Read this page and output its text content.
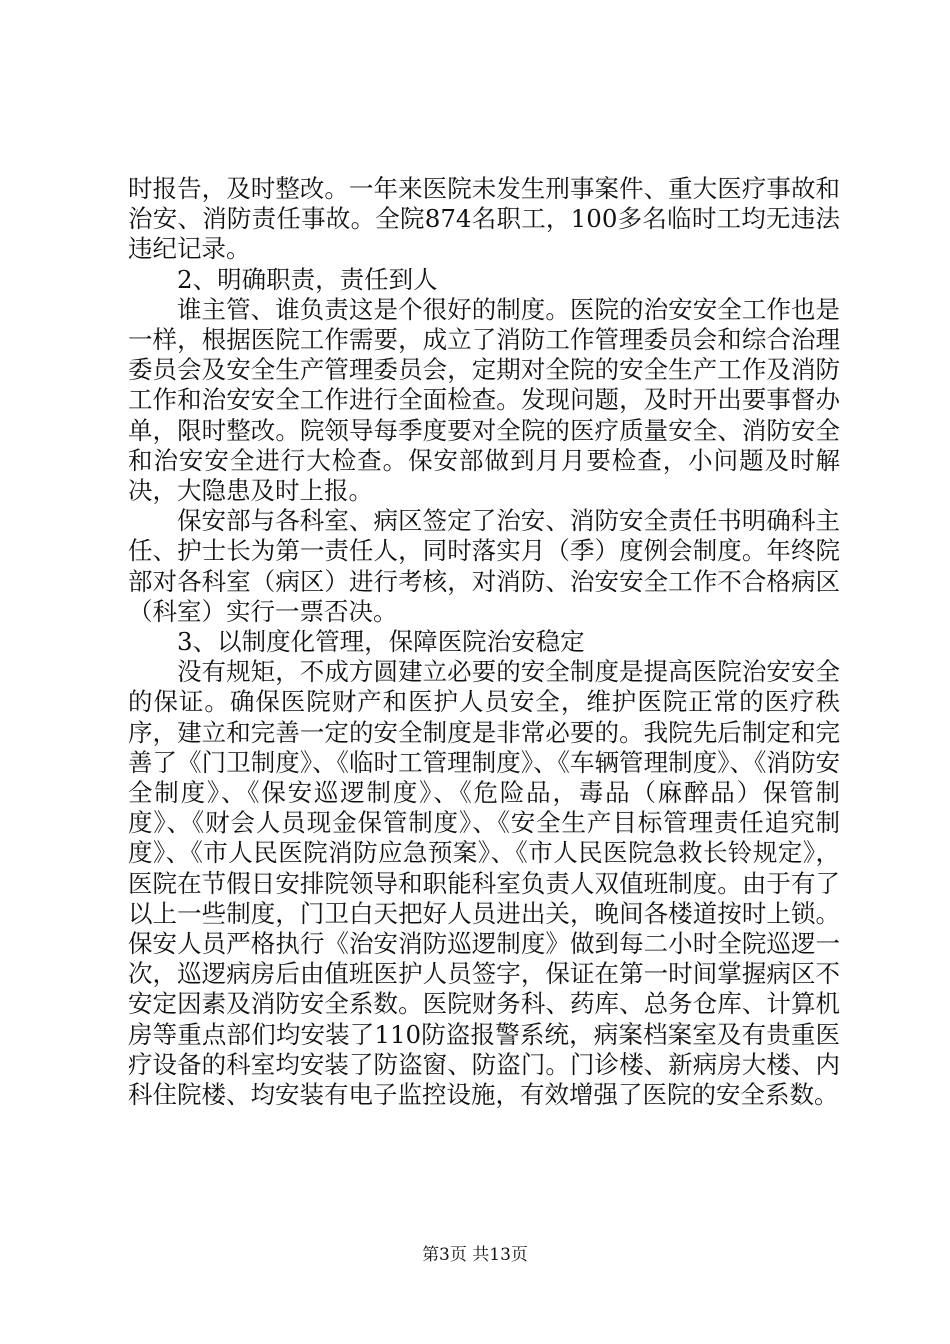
时报告，及时整改。一年来医院未发生刑事案件、重大医疗事故和治安、消防责任事故。全院874名职工，100多名临时工均无违法违纪记录。

2、明确职责，责任到人

谁主管、谁负责这是个很好的制度。医院的治安安全工作也是一样，根据医院工作需要，成立了消防工作管理委员会和综合治理委员会及安全生产管理委员会，定期对全院的安全生产工作及消防工作和治安安全工作进行全面检查。发现问题，及时开出要事督办单，限时整改。院领导每季度要对全院的医疗质量安全、消防安全和治安安全进行大检查。保安部做到月月要检查，小问题及时解决，大隐患及时上报。

保安部与各科室、病区签定了治安、消防安全责任书明确科主任、护士长为第一责任人，同时落实月（季）度例会制度。年终院部对各科室（病区）进行考核，对消防、治安安全工作不合格病区（科室）实行一票否决。

3、以制度化管理，保障医院治安稳定

没有规矩，不成方圆建立必要的安全制度是提高医院治安安全的保证。确保医院财产和医护人员安全，维护医院正常的医疗秩序，建立和完善一定的安全制度是非常必要的。我院先后制定和完善了《门卫制度》、《临时工管理制度》、《车辆管理制度》、《消防安全制度》、《保安巡逻制度》、《危险品，毒品（麻醉品）保管制度》、《财会人员现金保管制度》、《安全生产目标管理责任追究制度》、《市人民医院消防应急预案》、《市人民医院急救长铃规定》，医院在节假日安排院领导和职能科室负责人双值班制度。由于有了以上一些制度，门卫白天把好人员进出关，晚间各楼道按时上锁。保安人员严格执行《治安消防巡逻制度》做到每二小时全院巡逻一次，巡逻病房后由值班医护人员签字，保证在第一时间掌握病区不安定因素及消防安全系数。医院财务科、药库、总务仓库、计算机房等重点部们均安装了110防盗报警系统，病案档案室及有贵重医疗设备的科室均安装了防盗窗、防盗门。门诊楼、新病房大楼、内科住院楼、均安装有电子监控设施，有效增强了医院的安全系数。

第3页 共13页
